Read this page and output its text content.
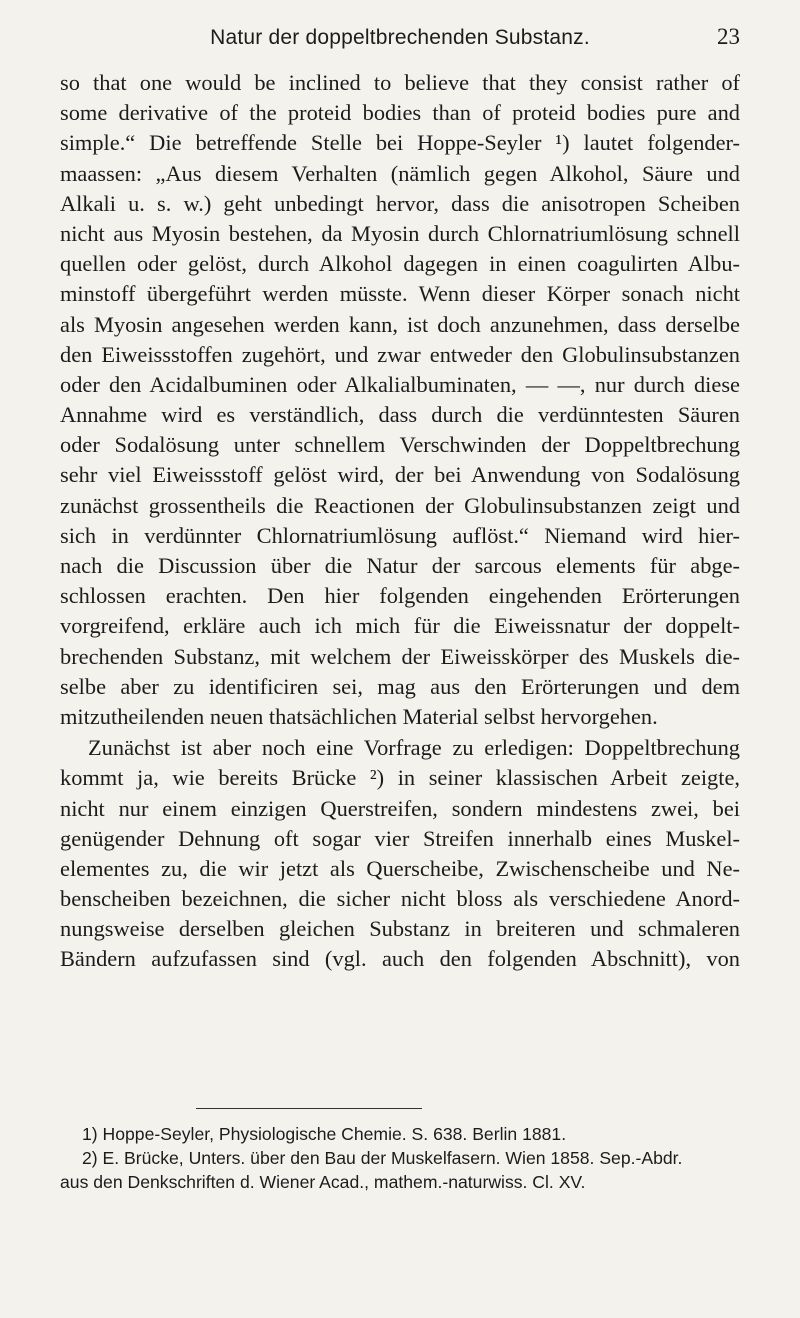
Natur der doppeltbrechenden Substanz.	23
so that one would be inclined to believe that they consist rather of
some derivative of the proteid bodies than of proteid bodies pure and
simple.“ Die betreffende Stelle bei Hoppe-Seyler ¹) lautet folgender-
maassen: „Aus diesem Verhalten (nämlich gegen Alkohol, Säure und
Alkali u. s. w.) geht unbedingt hervor, dass die anisotropen Scheiben
nicht aus Myosin bestehen, da Myosin durch Chlornatriumlösung schnell
quellen oder gelöst, durch Alkohol dagegen in einen coagulirten Albu-
minstoff übergeführt werden müsste. Wenn dieser Körper sonach nicht
als Myosin angesehen werden kann, ist doch anzunehmen, dass derselbe
den Eiweissstoffen zugehört, und zwar entweder den Globulinsubstanzen
oder den Acidalbuminen oder Alkalialbuminaten, — —, nur durch diese
Annahme wird es verständlich, dass durch die verdünntesten Säuren
oder Sodalösung unter schnellem Verschwinden der Doppeltbrechung
sehr viel Eiweissstoff gelöst wird, der bei Anwendung von Sodalösung
zunächst grossentheils die Reactionen der Globulinsubstanzen zeigt und
sich in verdünnter Chlornatriumlösung auflöst.“ Niemand wird hier-
nach die Discussion über die Natur der sarcous elements für abge-
schlossen erachten. Den hier folgenden eingehenden Erörterungen
vorgreifend, erkläre auch ich mich für die Eiweissnatur der doppelt-
brechenden Substanz, mit welchem der Eiweisskörper des Muskels die-
selbe aber zu identificiren sei, mag aus den Erörterungen und dem
mitzutheilenden neuen thatsächlichen Material selbst hervorgehen.
Zunächst ist aber noch eine Vorfrage zu erledigen: Doppeltbrechung
kommt ja, wie bereits Brücke ²) in seiner klassischen Arbeit zeigte,
nicht nur einem einzigen Querstreifen, sondern mindestens zwei, bei
genügender Dehnung oft sogar vier Streifen innerhalb eines Muskel-
elementes zu, die wir jetzt als Querscheibe, Zwischenscheibe und Ne-
benscheiben bezeichnen, die sicher nicht bloss als verschiedene Anord-
nungsweise derselben gleichen Substanz in breiteren und schmaleren
Bändern aufzufassen sind (vgl. auch den folgenden Abschnitt), von
1) Hoppe-Seyler, Physiologische Chemie. S. 638. Berlin 1881.
2) E. Brücke, Unters. über den Bau der Muskelfasern. Wien 1858. Sep.-Abdr.
aus den Denkschriften d. Wiener Acad., mathem.-naturwiss. Cl. XV.
